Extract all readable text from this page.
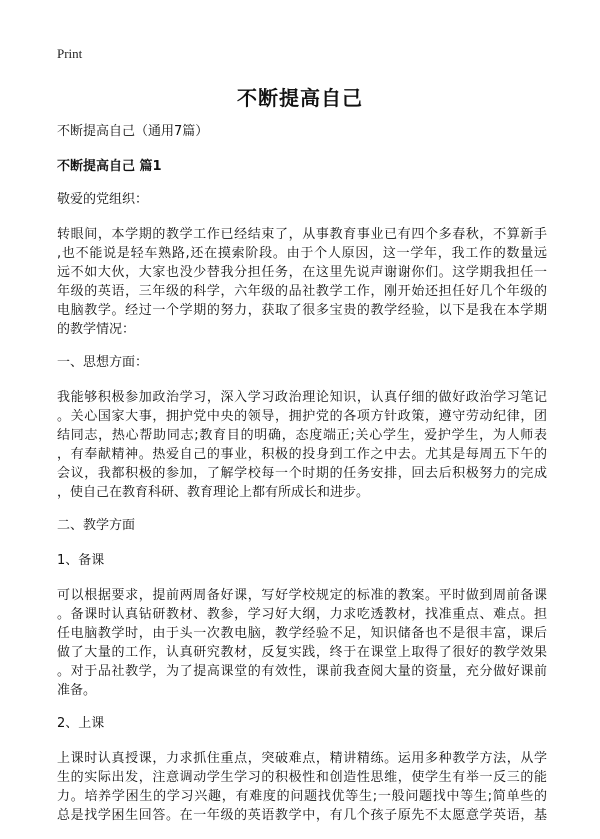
Print
不断提高自己
不断提高自己（通用7篇）
不断提高自己 篇1
敬爱的党组织：

转眼间，本学期的教学工作已经结束了，从事教育事业已有四个多春秋，不算新手

,也不能说是轻车熟路,还在摸索阶段。由于个人原因，这一学年，我工作的数量远

远不如大伙，大家也没少替我分担任务，在这里先说声谢谢你们。这学期我担任一

年级的英语，三年级的科学，六年级的品社教学工作，刚开始还担任好几个年级的

电脑教学。经过一个学期的努力，获取了很多宝贵的教学经验，以下是我在本学期

的教学情况：

一、思想方面：

我能够积极参加政治学习，深入学习政治理论知识，认真仔细的做好政治学习笔记

。关心国家大事，拥护党中央的领导，拥护党的各项方针政策，遵守劳动纪律，团

结同志，热心帮助同志;教育目的明确，态度端正;关心学生，爱护学生，为人师表

，有奉献精神。热爱自己的事业，积极的投身到工作之中去。尤其是每周五下午的

会议，我都积极的参加，了解学校每一个时期的任务安排，回去后积极努力的完成

，使自己在教育科研、教育理论上都有所成长和进步。

二、教学方面
1、备课

可以根据要求，提前两周备好课，写好学校规定的标准的教案。平时做到周前备课

。备课时认真钻研教材、教参，学习好大纲，力求吃透教材，找准重点、难点。担

任电脑教学时，由于头一次教电脑，教学经验不足，知识储备也不是很丰富，课后

做了大量的工作，认真研究教材，反复实践，终于在课堂上取得了很好的教学效果

。对于品社教学，为了提高课堂的有效性，课前我查阅大量的资量，充分做好课前

准备。

2、上课

上课时认真授课，力求抓住重点，突破难点，精讲精练。运用多种教学方法，从学

生的实际出发，注意调动学生学习的积极性和创造性思维，使学生有举一反三的能

力。培养学困生的学习兴趣，有难度的问题找优等生;一般问题找中等生;简单些的

总是找学困生回答。在一年级的英语教学中，有几个孩子原先不太愿意学英语，基
